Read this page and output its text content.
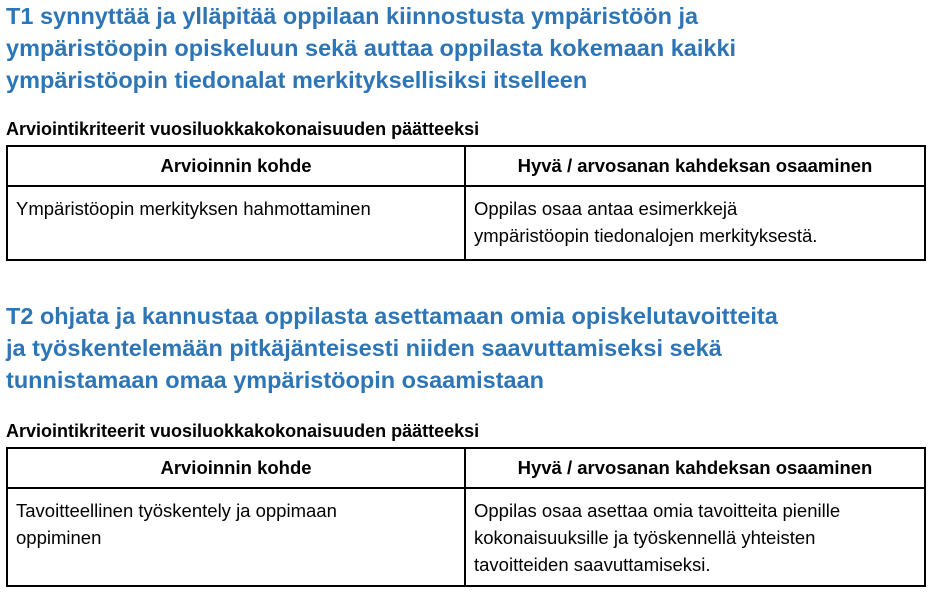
T1 synnyttää ja ylläpitää oppilaan kiinnostusta ympäristöön ja
ympäristöopin opiskeluun sekä auttaa oppilasta kokemaan kaikki
ympäristöopin tiedonalat merkityksellisiksi itselleen

Arviointikriteerit vuosiluokkakokonaisuuden päätteeksi

Arvioinnin kohde	Hyvä / arvosanan kahdeksan osaaminen
Ympäristöopin merkityksen hahmottaminen	Oppilas osaa antaa esimerkkejä
ympäristöopin tiedonalojen merkityksestä.
T2 ohjata ja kannustaa oppilasta asettamaan omia opiskelutavoitteita
ja työskentelemään pitkäjänteisesti niiden saavuttamiseksi sekä
tunnistamaan omaa ympäristöopin osaamistaan

Arviointikriteerit vuosiluokkakokonaisuuden päätteeksi

Arvioinnin kohde	Hyvä / arvosanan kahdeksan osaaminen
Tavoitteellinen työskentely ja oppimaan
oppiminen	Oppilas osaa asettaa omia tavoitteita pienille
kokonaisuuksille ja työskennellä yhteisten
tavoitteiden saavuttamiseksi.
